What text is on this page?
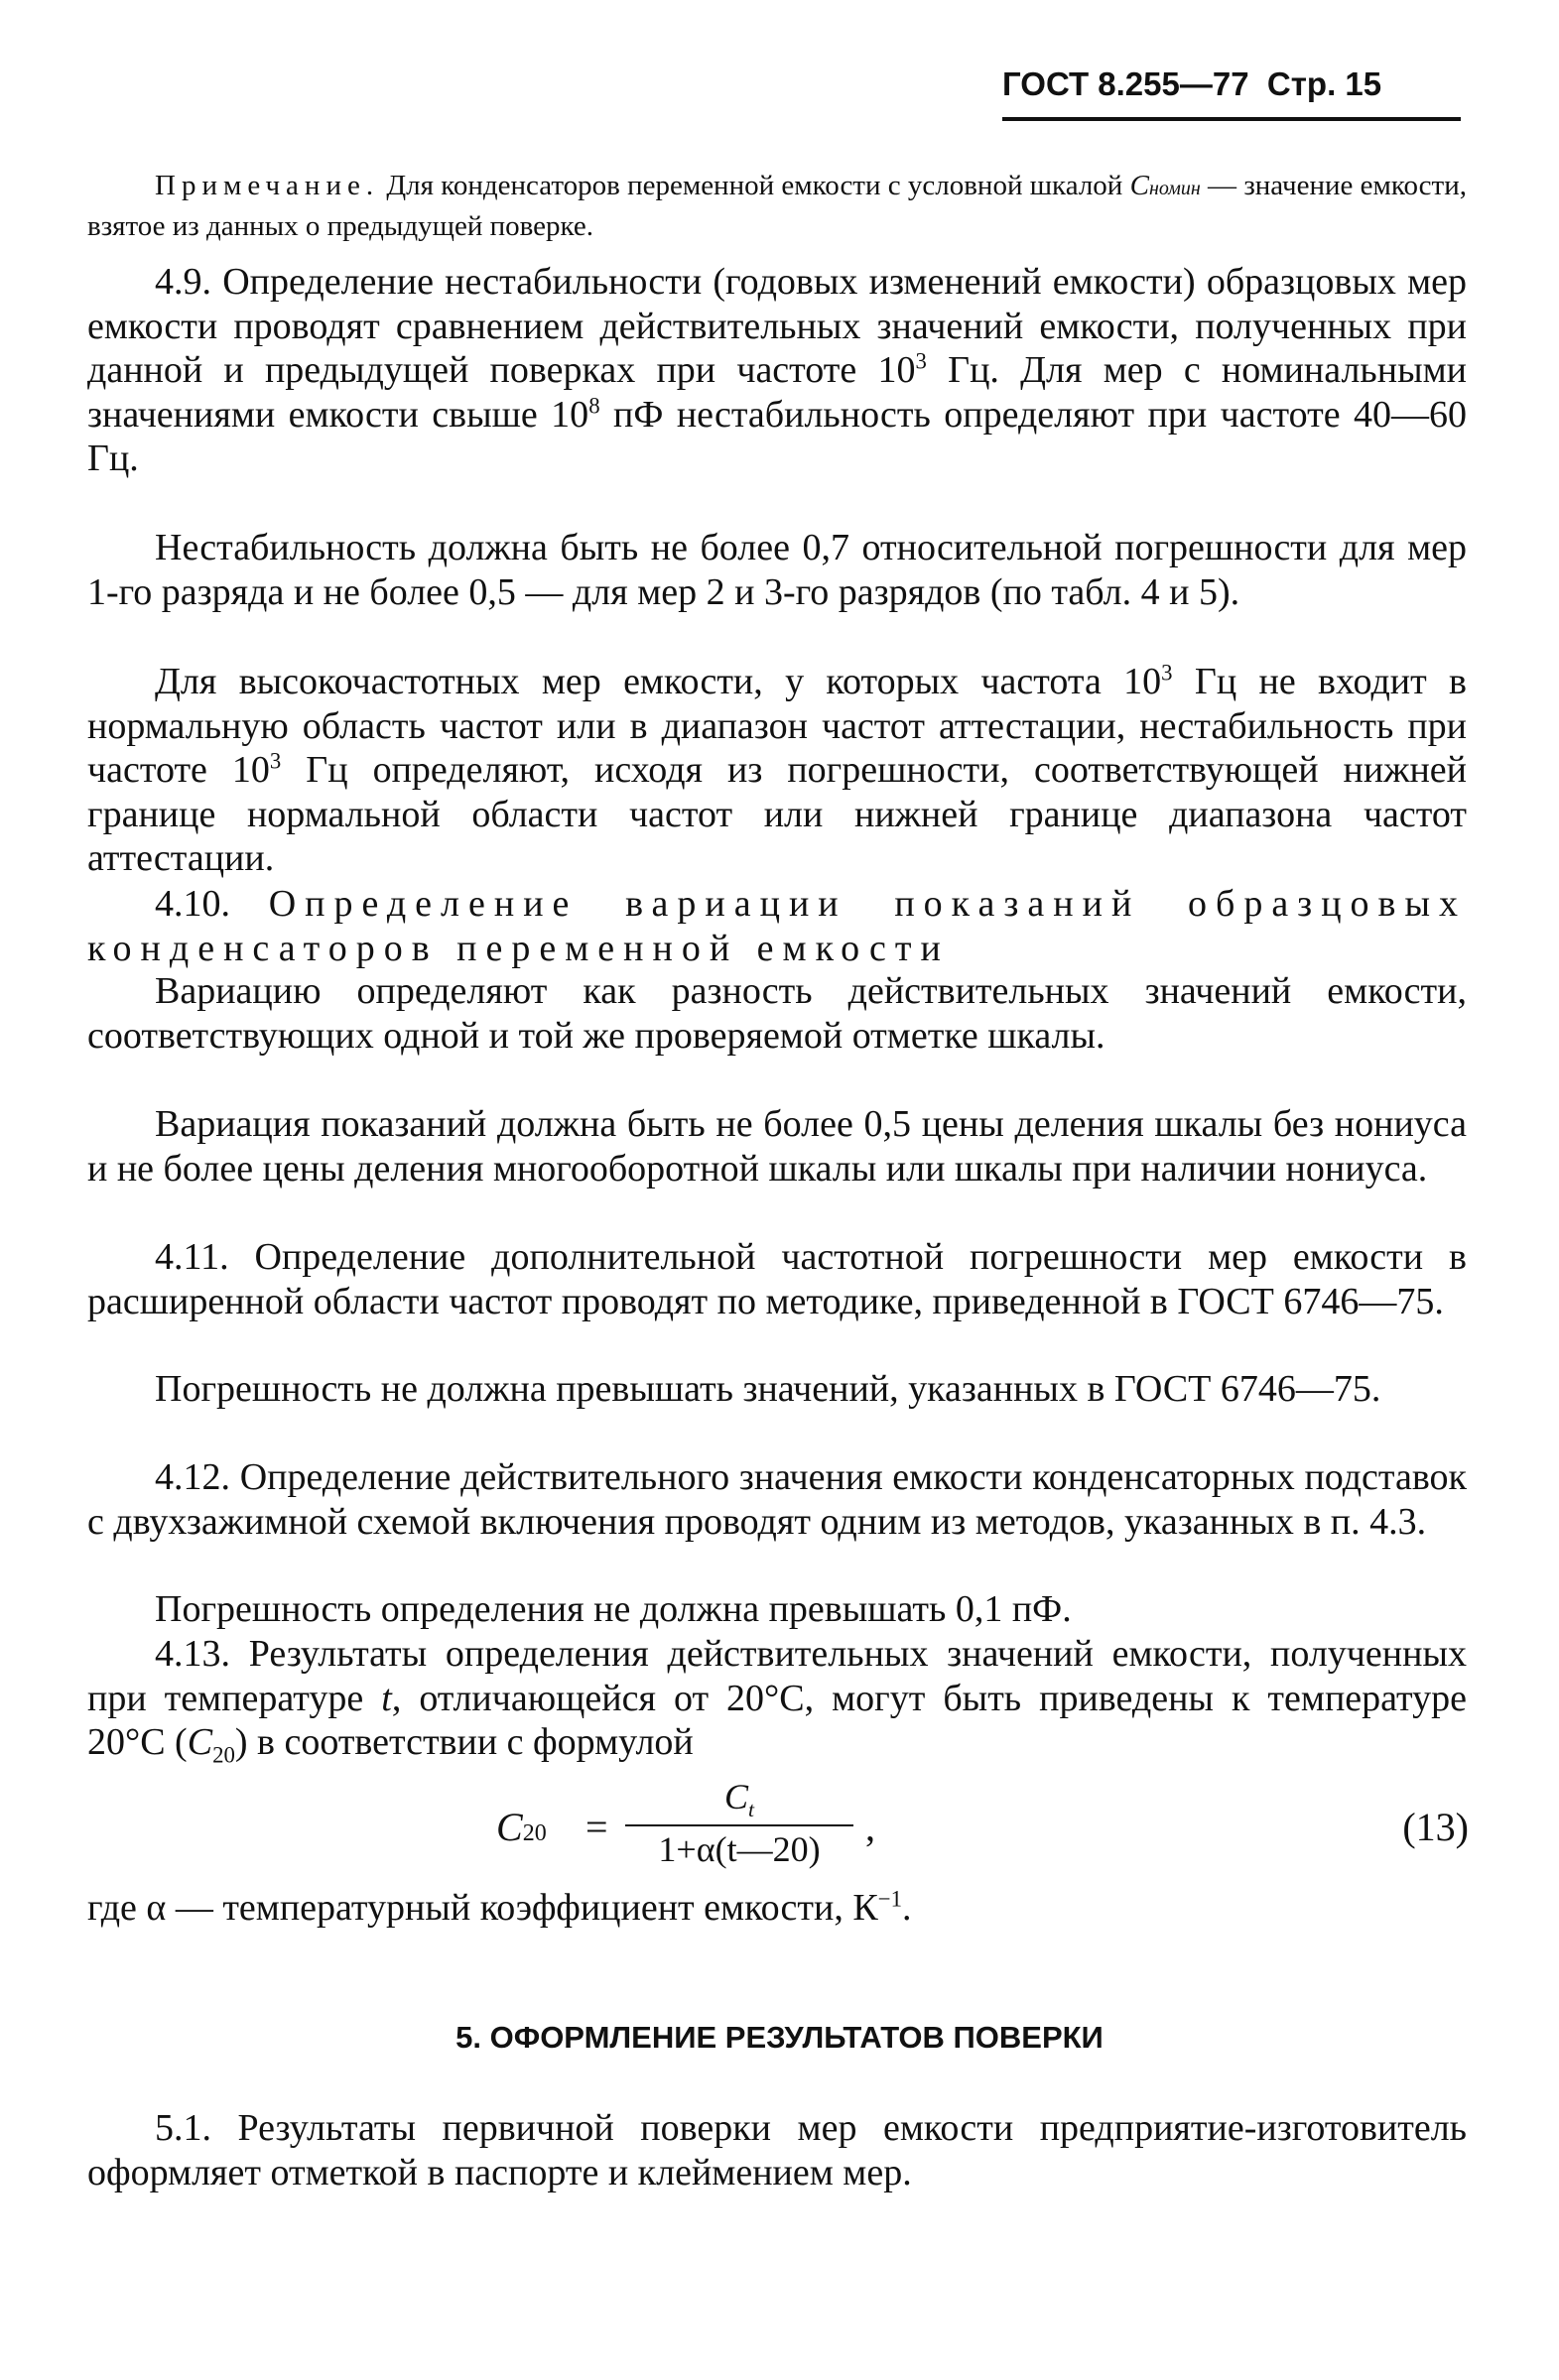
ГОСТ 8.255—77 Стр. 15
Примечание. Для конденсаторов переменной емкости с условной шкалой Cномин — значение емкости, взятое из данных о предыдущей поверке.
4.9. Определение нестабильности (годовых изменений емкости) образцовых мер емкости проводят сравнением действительных значений емкости, полученных при данной и предыдущей поверках при частоте $10^3$ Гц. Для мер с номинальными значениями емкости свыше $10^8$ пФ нестабильность определяют при частоте 40—60 Гц.
Нестабильность должна быть не более 0,7 относительной погрешности для мер 1-го разряда и не более 0,5 — для мер 2 и 3-го разрядов (по табл. 4 и 5).
Для высокочастотных мер емкости, у которых частота $10^3$ Гц не входит в нормальную область частот или в диапазон частот аттестации, нестабильность при частоте $10^3$ Гц определяют, исходя из погрешности, соответствующей нижней границе нормальной области частот или нижней границе диапазона частот аттестации.
4.10. Определение вариации показаний образцовых конденсаторов переменной емкости
Вариацию определяют как разность действительных значений емкости, соответствующих одной и той же проверяемой отметке шкалы.
Вариация показаний должна быть не более 0,5 цены деления шкалы без нониуса и не более цены деления многооборотной шкалы или шкалы при наличии нониуса.
4.11. Определение дополнительной частотной погрешности мер емкости в расширенной области частот проводят по методике, приведенной в ГОСТ 6746—75.
Погрешность не должна превышать значений, указанных в ГОСТ 6746—75.
4.12. Определение действительного значения емкости конденсаторных подставок с двухзажимной схемой включения проводят одним из методов, указанных в п. 4.3.
Погрешность определения не должна превышать 0,1 пФ.
4.13. Результаты определения действительных значений емкости, полученных при температуре t, отличающейся от 20°С, могут быть приведены к температуре 20°С $(C_{20})$ в соответствии с формулой
C20 =
$C_t$
1+α(t—20)
,	(13)
где α — температурный коэффициент емкости, $К^{-1}$.
5. ОФОРМЛЕНИЕ РЕЗУЛЬТАТОВ ПОВЕРКИ
5.1. Результаты первичной поверки мер емкости предприятие-изготовитель оформляет отметкой в паспорте и клеймением мер.
